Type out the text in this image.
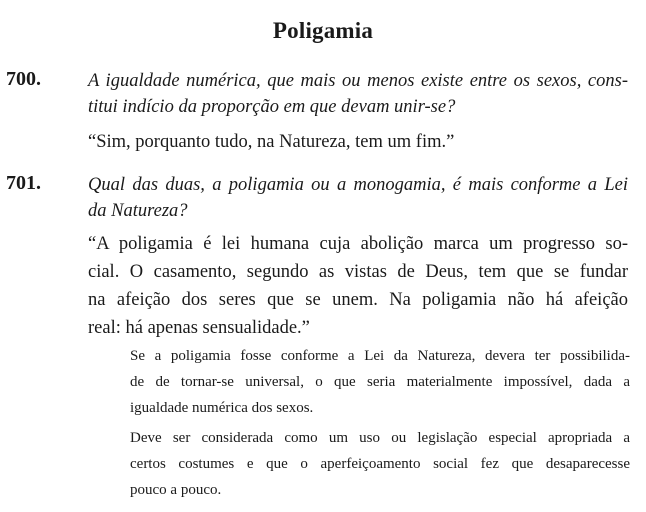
Poligamia
700.	A igualdade numérica, que mais ou menos existe entre os sexos, cons-
titui indício da proporção em que devam unir-se?
“Sim, porquanto tudo, na Natureza, tem um fim.”
701.	Qual das duas, a poligamia ou a monogamia, é mais conforme a Lei
da Natureza?
“A poligamia é lei humana cuja abolição marca um progresso so-
cial. O casamento, segundo as vistas de Deus, tem que se fundar
na afeição dos seres que se unem. Na poligamia não há afeição
real: há apenas sensualidade.”
Se a poligamia fosse conforme a Lei da Natureza, devera ter possibilida-
de de tornar-se universal, o que seria materialmente impossível, dada a
igualdade numérica dos sexos.
Deve ser considerada como um uso ou legislação especial apropriada a
certos costumes e que o aperfeiçoamento social fez que desaparecesse
pouco a pouco.
